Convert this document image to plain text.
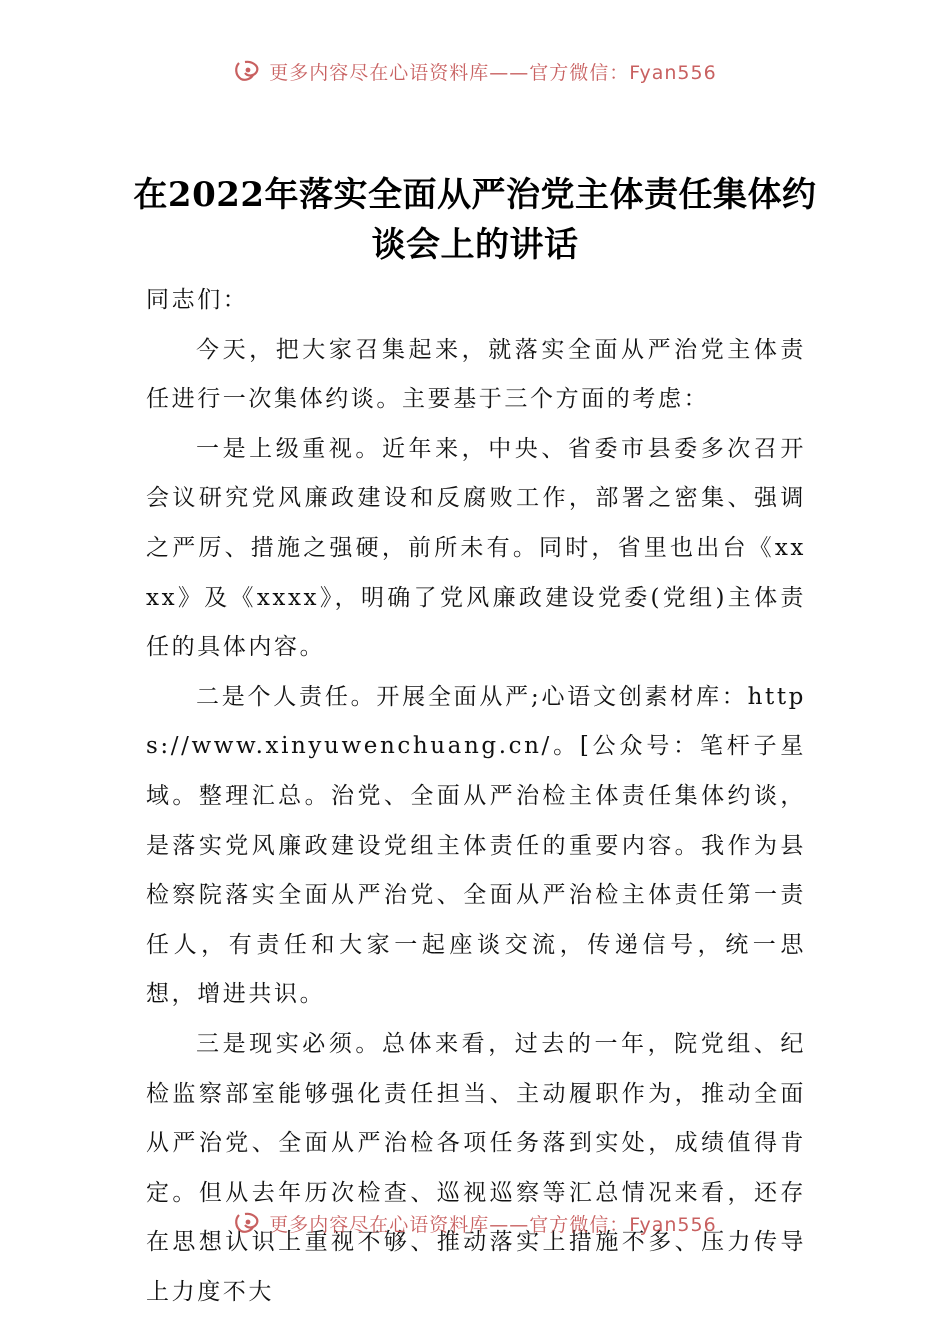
更多内容尽在心语资料库——官方微信：Fyan556
在2022年落实全面从严治党主体责任集体约谈会上的讲话

同志们：

今天，把大家召集起来，就落实全面从严治党主体责任进行一次集体约谈。主要基于三个方面的考虑：

一是上级重视。近年来，中央、省委市县委多次召开会议研究党风廉政建设和反腐败工作，部署之密集、强调之严厉、措施之强硬，前所未有。同时，省里也出台《xxxx》及《xxxx》，明确了党风廉政建设党委(党组)主体责任的具体内容。

二是个人责任。开展全面从严;心语文创素材库：https://www.xinyuwenchuang.cn/。[公众号：笔杆子星域。整理汇总。治党、全面从严治检主体责任集体约谈，是落实党风廉政建设党组主体责任的重要内容。我作为县检察院落实全面从严治党、全面从严治检主体责任第一责任人，有责任和大家一起座谈交流，传递信号，统一思想，增进共识。

三是现实必须。总体来看，过去的一年，院党组、纪检监察部室能够强化责任担当、主动履职作为，推动全面从严治党、全面从严治检各项任务落到实处，成绩值得肯定。但从去年历次检查、巡视巡察等汇总情况来看，还存在思想认识上重视不够、推动落实上措施不多、压力传导上力度不大

更多内容尽在心语资料库——官方微信：Fyan556
